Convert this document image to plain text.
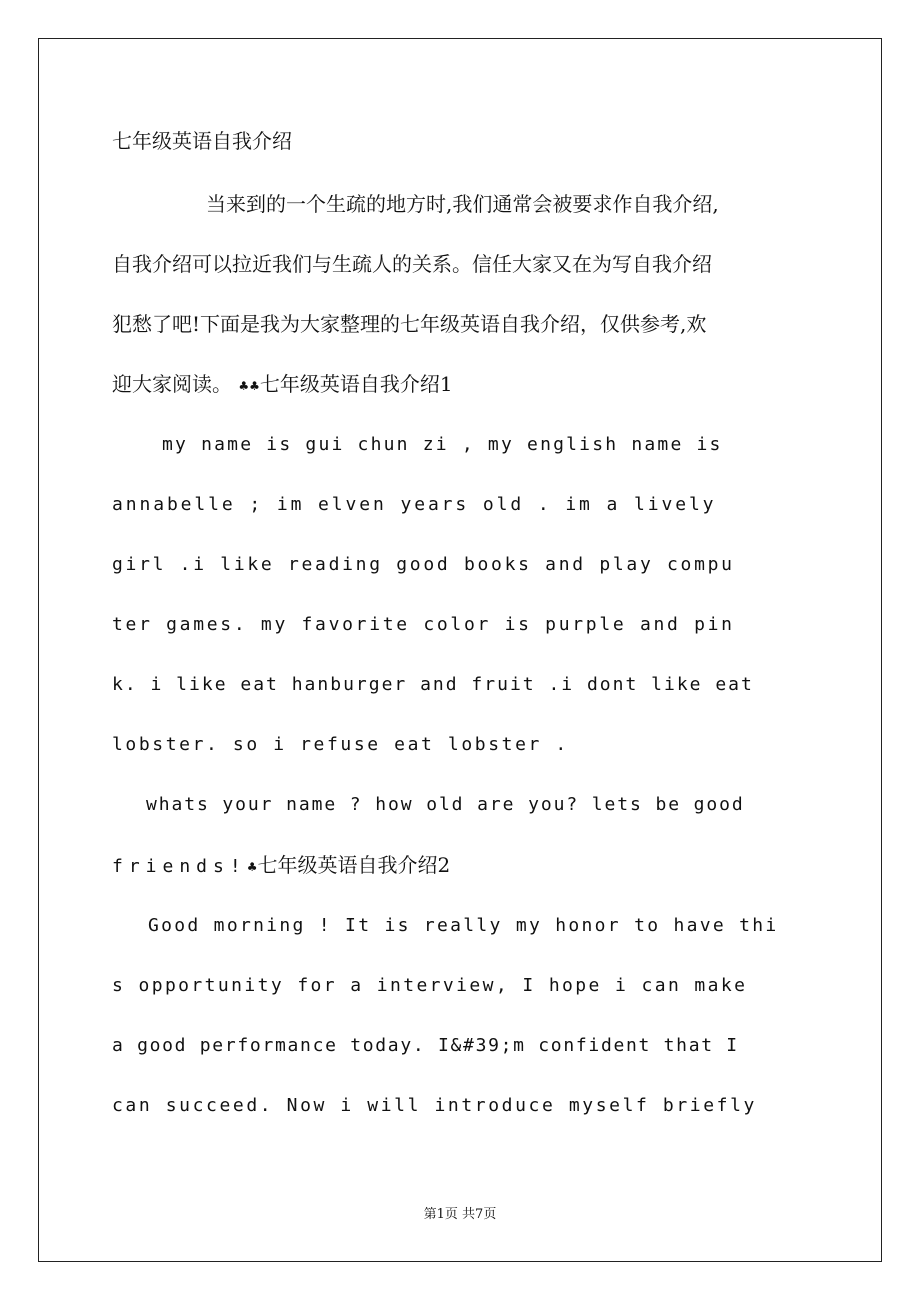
七年级英语自我介绍
当来到的一个生疏的地方时,我们通常会被要求作自我介绍,
自我介绍可以拉近我们与生疏人的关系。信任大家又在为写自我介绍
犯愁了吧!下面是我为大家整理的七年级英语自我介绍，仅供参考,欢
迎大家阅读。 ♣♣七年级英语自我介绍1
my name is gui chun zi , my english name is
annabelle ; im elven years old . im a lively
girl .i like reading good books and play compu
ter games. my favorite color is purple and pin
k. i like eat hanburger and fruit .i dont like eat
lobster. so i refuse eat lobster .
whats your name ? how old are you? lets be good
friends!♣七年级英语自我介绍2
Good morning ! It is really my honor to have thi
s opportunity for a interview, I hope i can make
a good performance today. I&#39;m confident that I
can succeed. Now i will introduce myself briefly
第1页 共7页
